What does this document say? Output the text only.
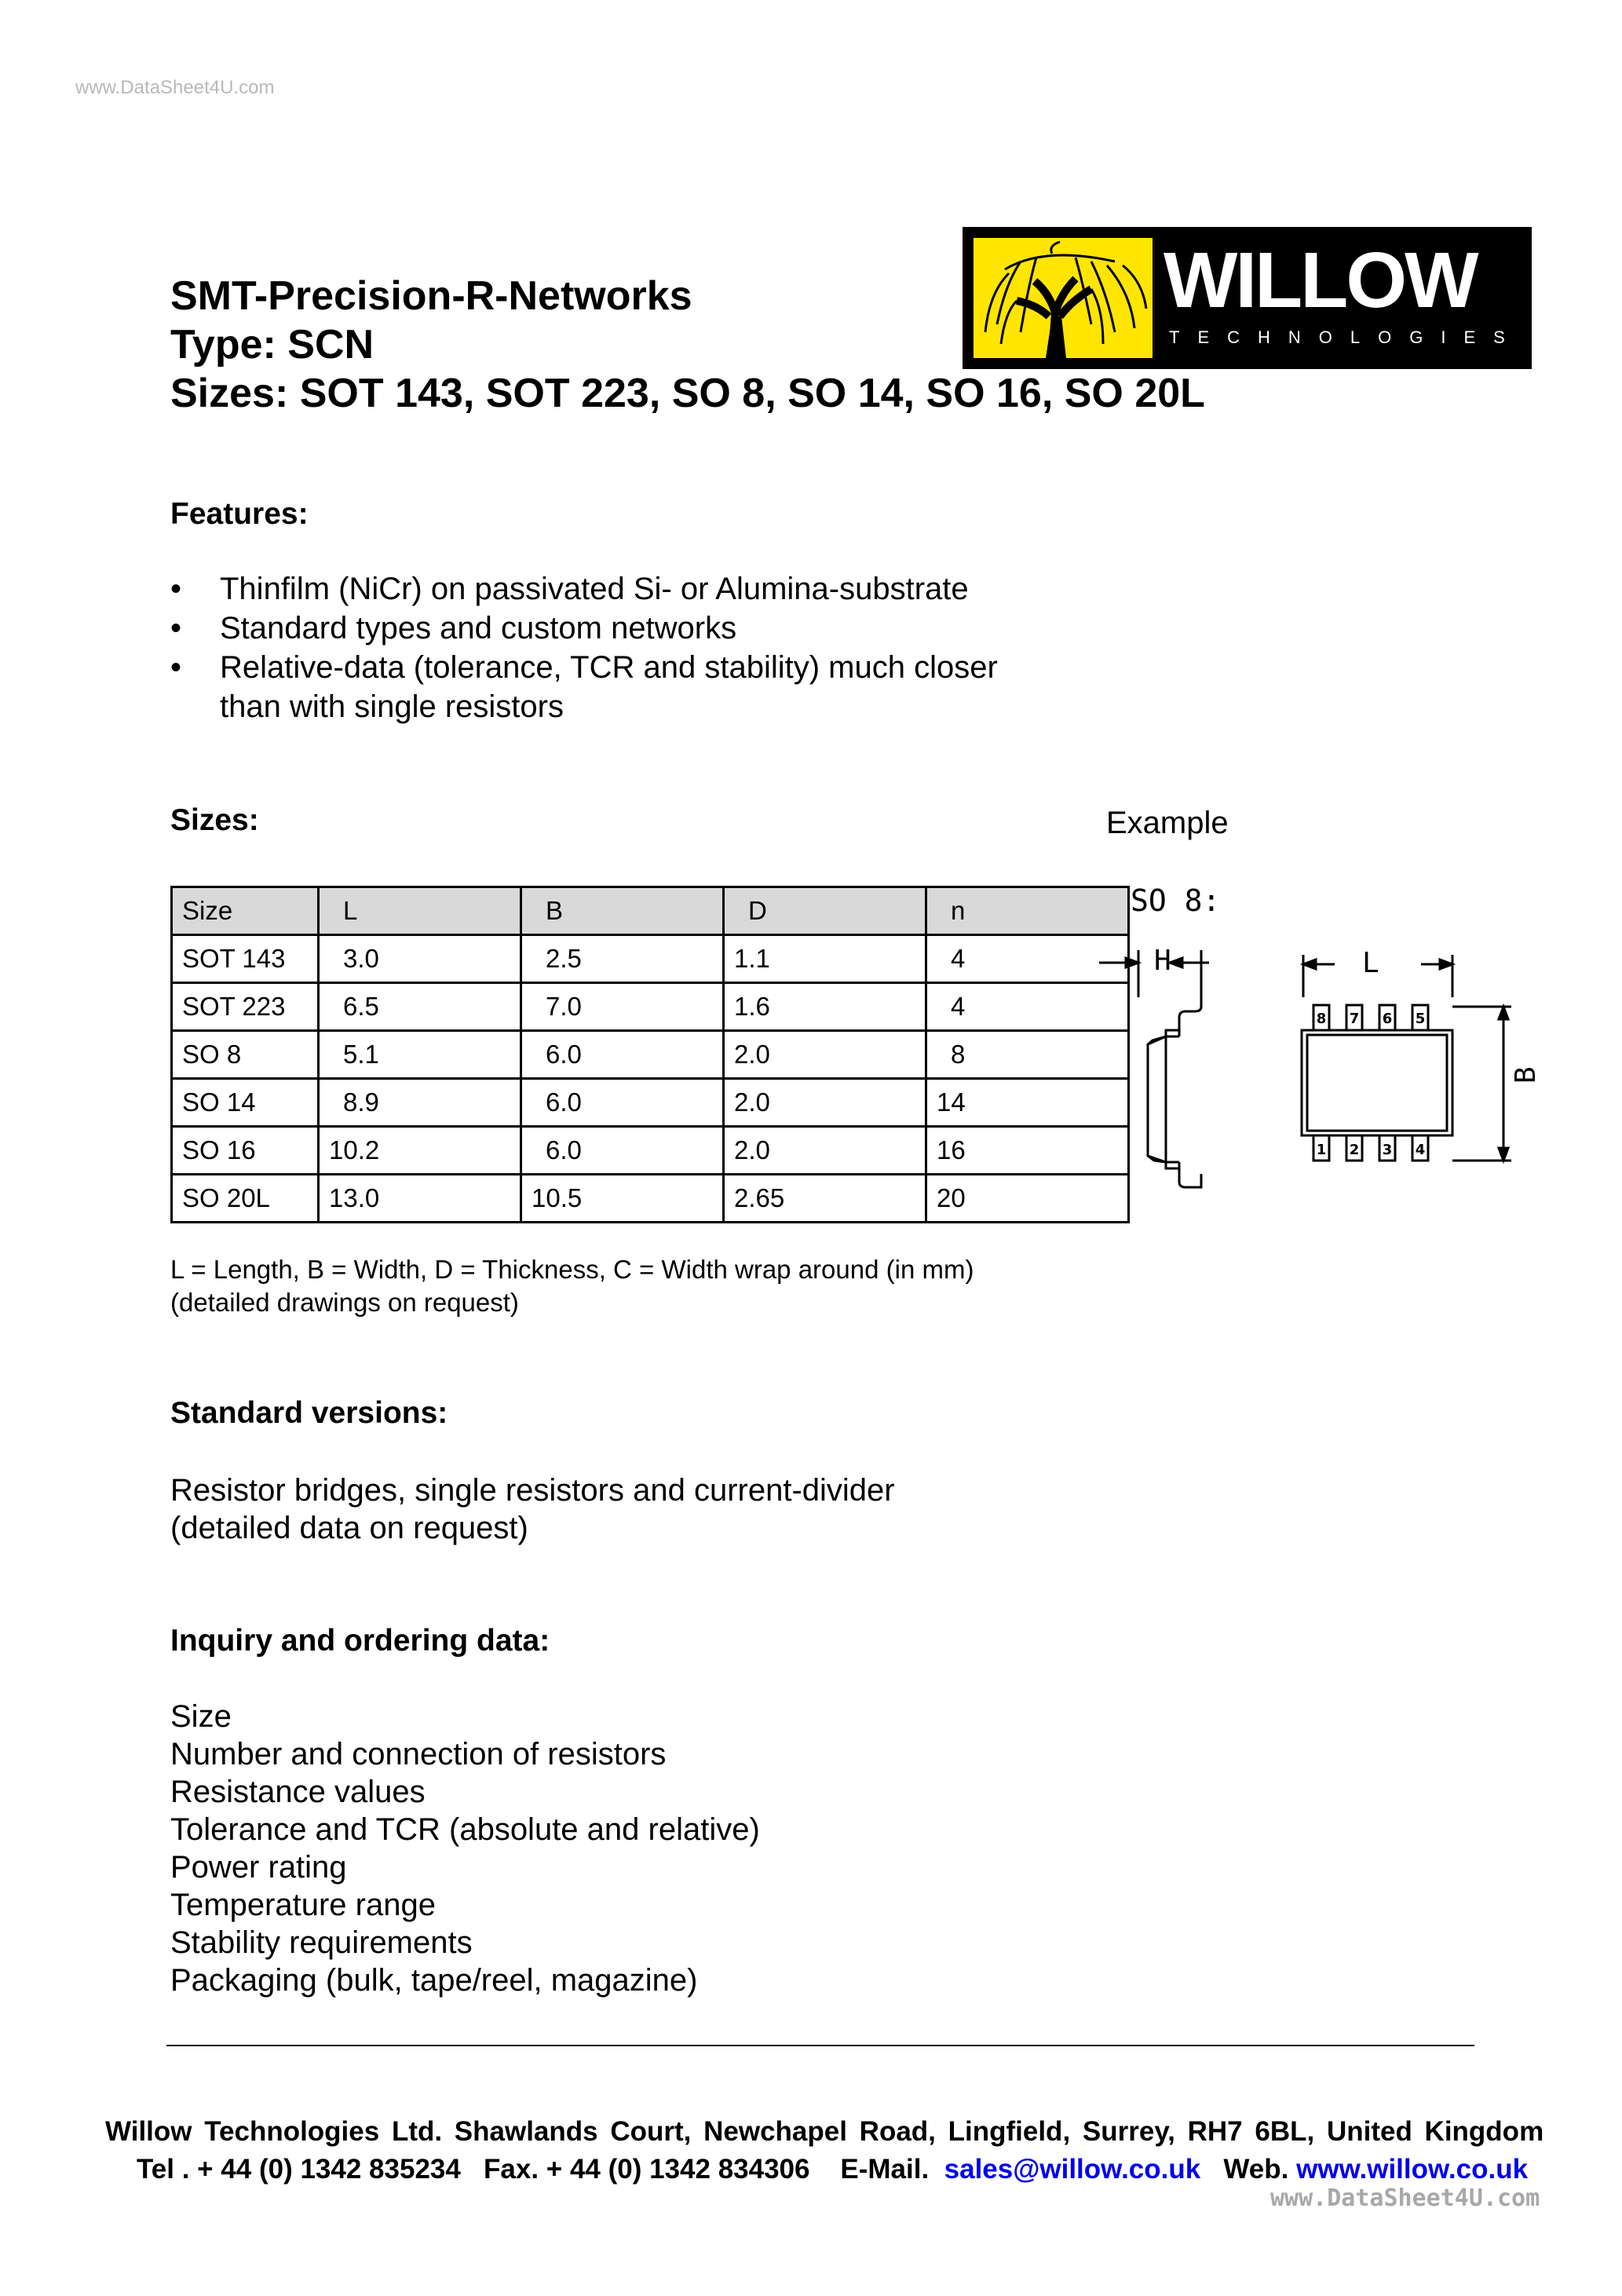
www.DataSheet4U.com
WILLOW
TECHNOLOGIES
SMT-Precision-R-Networks
Type: SCN
Sizes: SOT 143, SOT 223, SO 8, SO 14, SO 16, SO 20L
Features:
• Thinfilm (NiCr) on passivated Si- or Alumina-substrate
• Standard types and custom networks
• Relative-data (tolerance, TCR and stability) much closer
than with single resistors
Sizes:	Example
Size	L	B	D	n
SOT 143	3.0	2.5	1.1	4
SOT 223	6.5	7.0	1.6	4
SO 8	5.1	6.0	2.0	8
SO 14	8.9	6.0	2.0	14
SO 16	10.2	6.0	2.0	16
SO 20L	13.0	10.5	2.65	20
L = Length, B = Width, D = Thickness, C = Width wrap around (in mm)
(detailed drawings on request)
SO 8:
H	L
B
8 7 6 5
1 2 3 4
Standard versions:
Resistor bridges, single resistors and current-divider
(detailed data on request)
Inquiry and ordering data:
Size
Number and connection of resistors
Resistance values
Tolerance and TCR (absolute and relative)
Power rating
Temperature range
Stability requirements
Packaging (bulk, tape/reel, magazine)
Willow Technologies Ltd. Shawlands Court, Newchapel Road, Lingfield, Surrey, RH7 6BL, United Kingdom
Tel . + 44 (0) 1342 835234 Fax. + 44 (0) 1342 834306 E-Mail. sales@willow.co.uk Web. www.willow.co.uk
www.DataSheet4U.com
